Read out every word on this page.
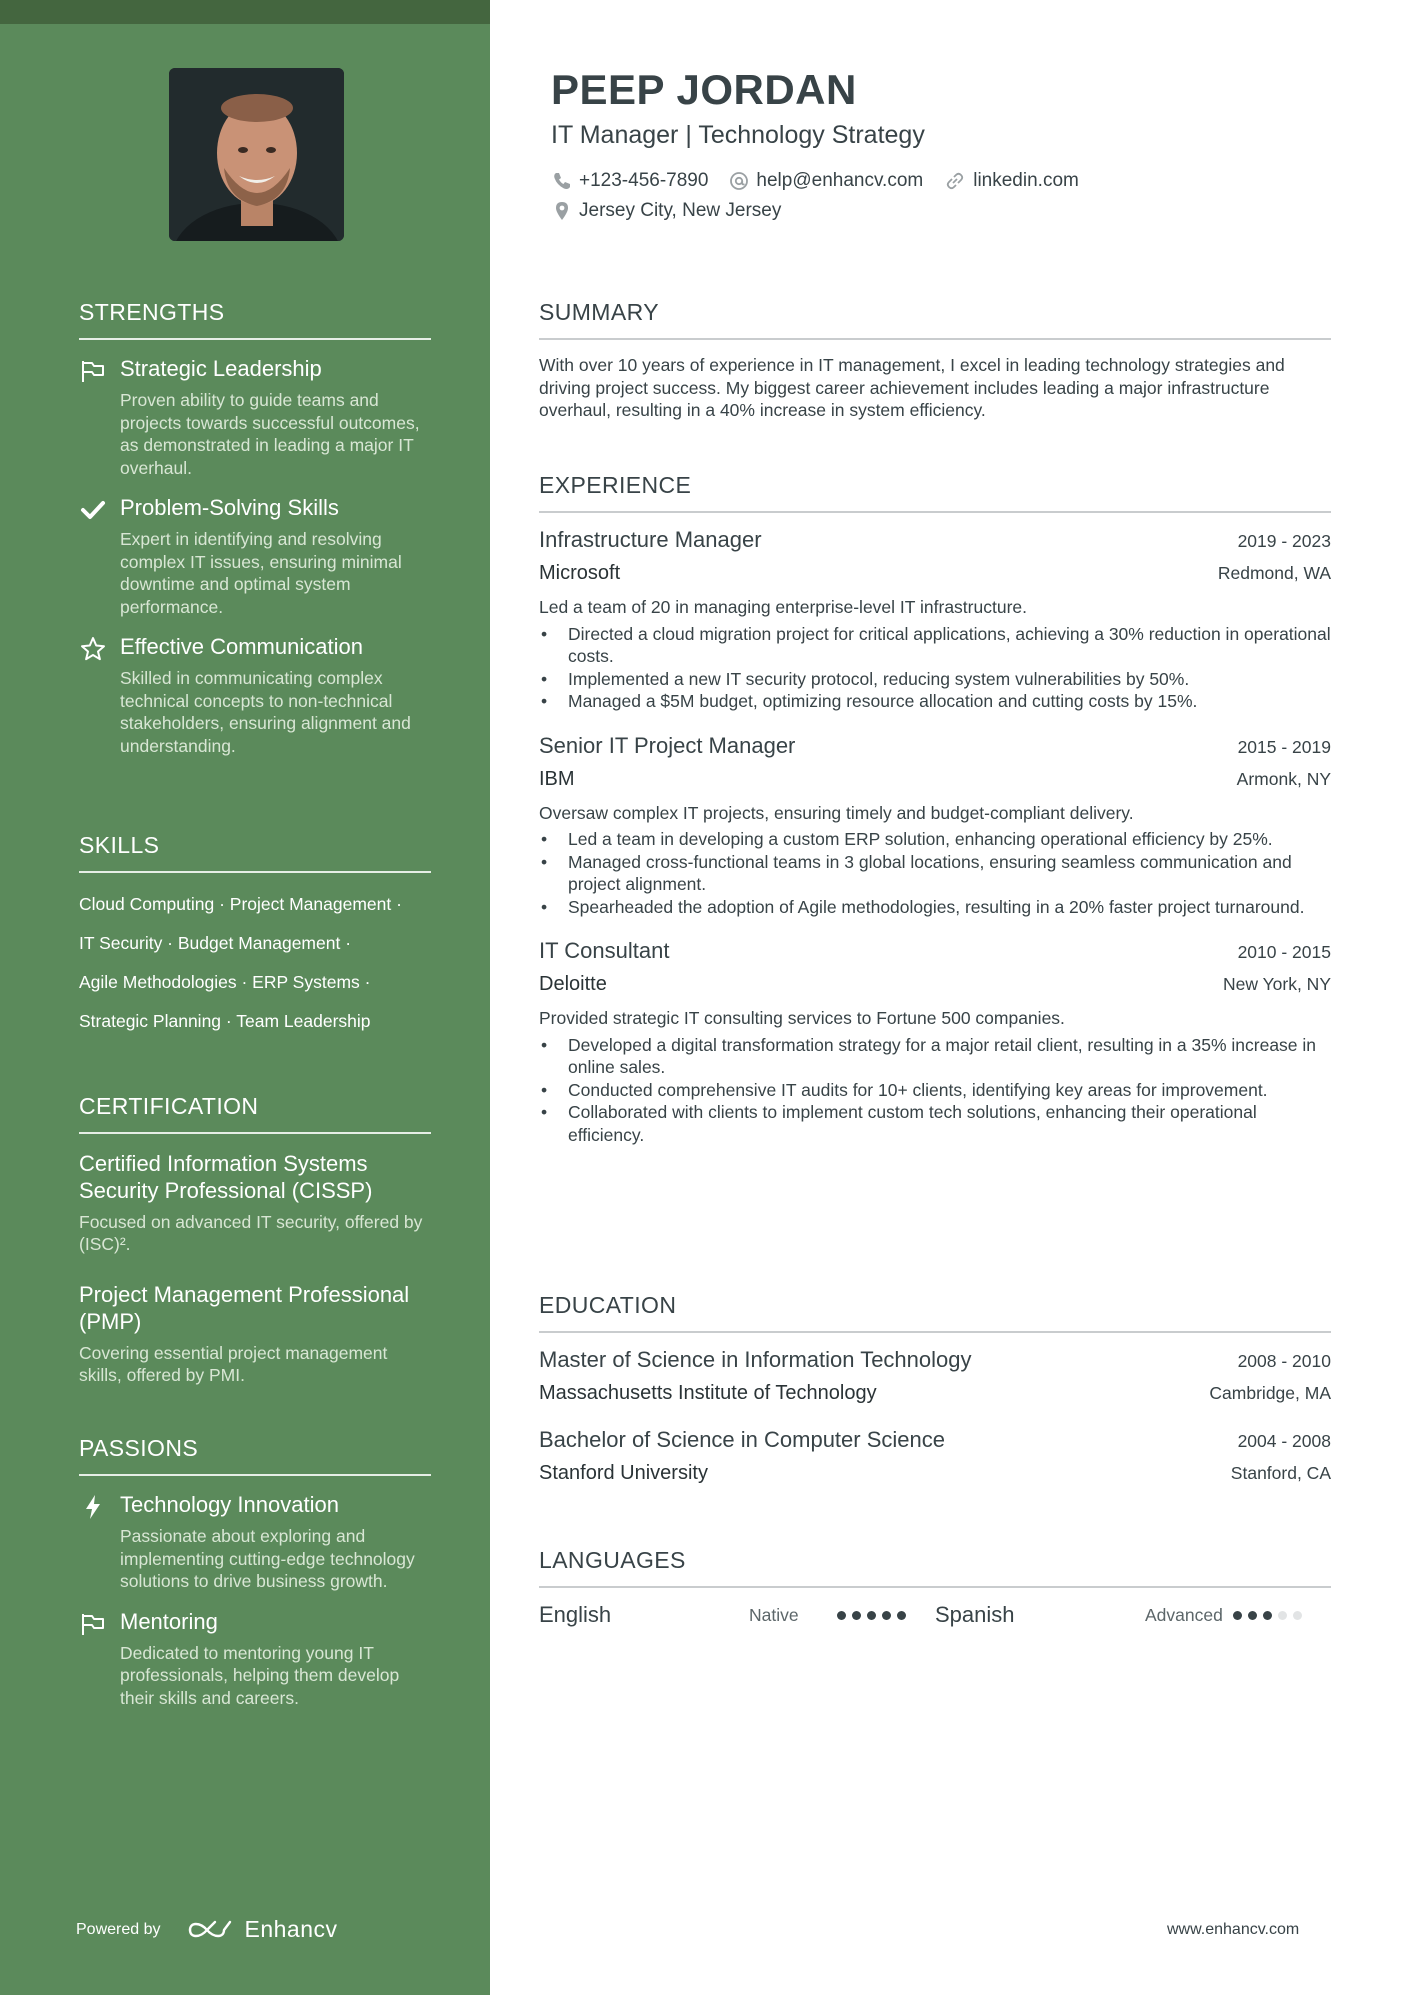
STRENGTHS
Strategic Leadership
Proven ability to guide teams and projects towards successful outcomes, as demonstrated in leading a major IT overhaul.
Problem-Solving Skills
Expert in identifying and resolving complex IT issues, ensuring minimal downtime and optimal system performance.
Effective Communication
Skilled in communicating complex technical concepts to non-technical stakeholders, ensuring alignment and understanding.
SKILLS
Cloud Computing · Project Management ·
IT Security · Budget Management ·
Agile Methodologies · ERP Systems ·
Strategic Planning · Team Leadership
CERTIFICATION
Certified Information Systems Security Professional (CISSP)
Focused on advanced IT security, offered by (ISC)².
Project Management Professional (PMP)
Covering essential project management skills, offered by PMI.
PASSIONS
Technology Innovation
Passionate about exploring and implementing cutting-edge technology solutions to drive business growth.
Mentoring
Dedicated to mentoring young IT professionals, helping them develop their skills and careers.
Powered by	Enhancv
PEEP JORDAN
IT Manager | Technology Strategy
+123-456-7890	help@enhancv.com	linkedin.com
Jersey City, New Jersey
SUMMARY
With over 10 years of experience in IT management, I excel in leading technology strategies and driving project success. My biggest career achievement includes leading a major infrastructure overhaul, resulting in a 40% increase in system efficiency.
EXPERIENCE
Infrastructure Manager	2019 - 2023
Microsoft	Redmond, WA
Led a team of 20 in managing enterprise-level IT infrastructure.
• Directed a cloud migration project for critical applications, achieving a 30% reduction in operational costs.
• Implemented a new IT security protocol, reducing system vulnerabilities by 50%.
• Managed a $5M budget, optimizing resource allocation and cutting costs by 15%.
Senior IT Project Manager	2015 - 2019
IBM	Armonk, NY
Oversaw complex IT projects, ensuring timely and budget-compliant delivery.
• Led a team in developing a custom ERP solution, enhancing operational efficiency by 25%.
• Managed cross-functional teams in 3 global locations, ensuring seamless communication and project alignment.
• Spearheaded the adoption of Agile methodologies, resulting in a 20% faster project turnaround.
IT Consultant	2010 - 2015
Deloitte	New York, NY
Provided strategic IT consulting services to Fortune 500 companies.
• Developed a digital transformation strategy for a major retail client, resulting in a 35% increase in online sales.
• Conducted comprehensive IT audits for 10+ clients, identifying key areas for improvement.
• Collaborated with clients to implement custom tech solutions, enhancing their operational efficiency.
EDUCATION
Master of Science in Information Technology	2008 - 2010
Massachusetts Institute of Technology	Cambridge, MA
Bachelor of Science in Computer Science	2004 - 2008
Stanford University	Stanford, CA
LANGUAGES
English	Native	Spanish	Advanced
www.enhancv.com
